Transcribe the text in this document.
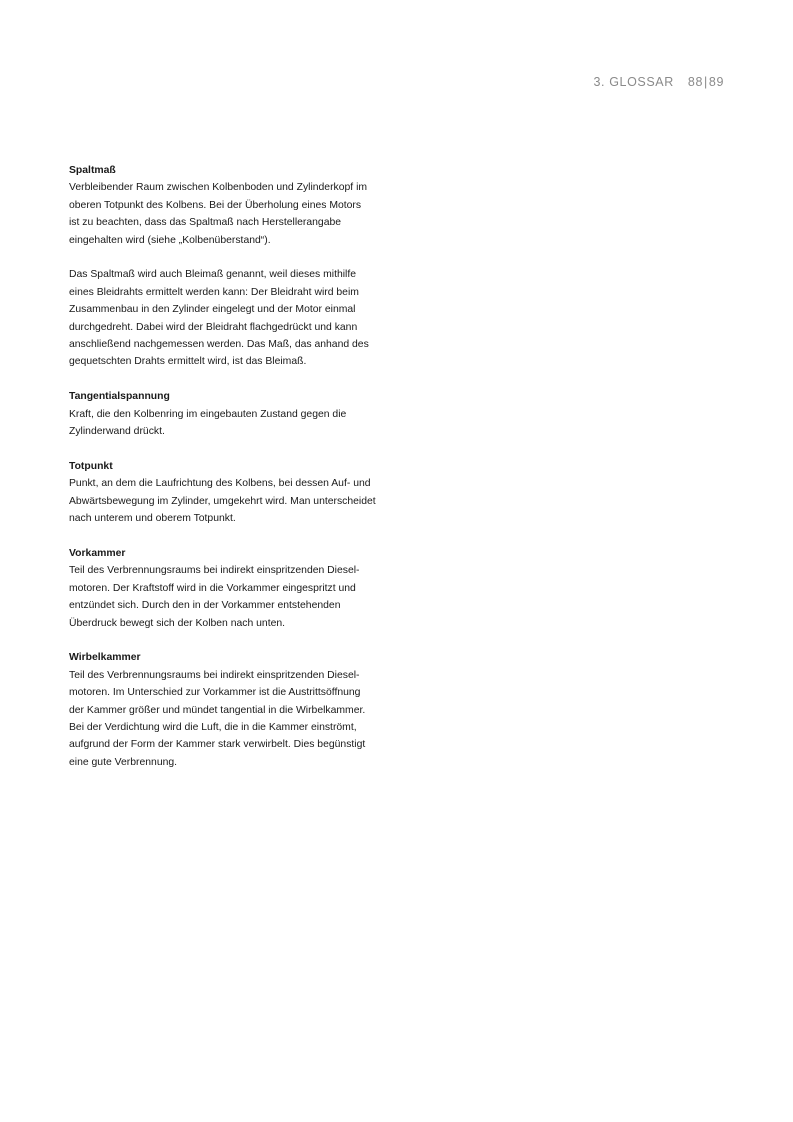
3. GLOSSAR 88|89
Spaltmaß

Verbleibender Raum zwischen Kolbenboden und Zylinderkopf im
oberen Totpunkt des Kolbens. Bei der Überholung eines Motors
ist zu beachten, dass das Spaltmaß nach Herstellerangabe
eingehalten wird (siehe „Kolbenüberstand“).

Das Spaltmaß wird auch Bleimaß genannt, weil dieses mithilfe
eines Bleidrahts ermittelt werden kann: Der Bleidraht wird beim
Zusammenbau in den Zylinder eingelegt und der Motor einmal
durchgedreht. Dabei wird der Bleidraht flachgedrückt und kann
anschließend nachgemessen werden. Das Maß, das anhand des
gequetschten Drahts ermittelt wird, ist das Bleimaß.

Tangentialspannung

Kraft, die den Kolbenring im eingebauten Zustand gegen die
Zylinderwand drückt.

Totpunkt

Punkt, an dem die Laufrichtung des Kolbens, bei dessen Auf- und
Abwärtsbewegung im Zylinder, umgekehrt wird. Man unterscheidet
nach unterem und oberem Totpunkt.

Vorkammer

Teil des Verbrennungsraums bei indirekt einspritzenden Diesel-
motoren. Der Kraftstoff wird in die Vorkammer eingespritzt und
entzündet sich. Durch den in der Vorkammer entstehenden
Überdruck bewegt sich der Kolben nach unten.

Wirbelkammer

Teil des Verbrennungsraums bei indirekt einspritzenden Diesel-
motoren. Im Unterschied zur Vorkammer ist die Austrittsöffnung
der Kammer größer und mündet tangential in die Wirbelkammer.
Bei der Verdichtung wird die Luft, die in die Kammer einströmt,
aufgrund der Form der Kammer stark verwirbelt. Dies begünstigt
eine gute Verbrennung.
